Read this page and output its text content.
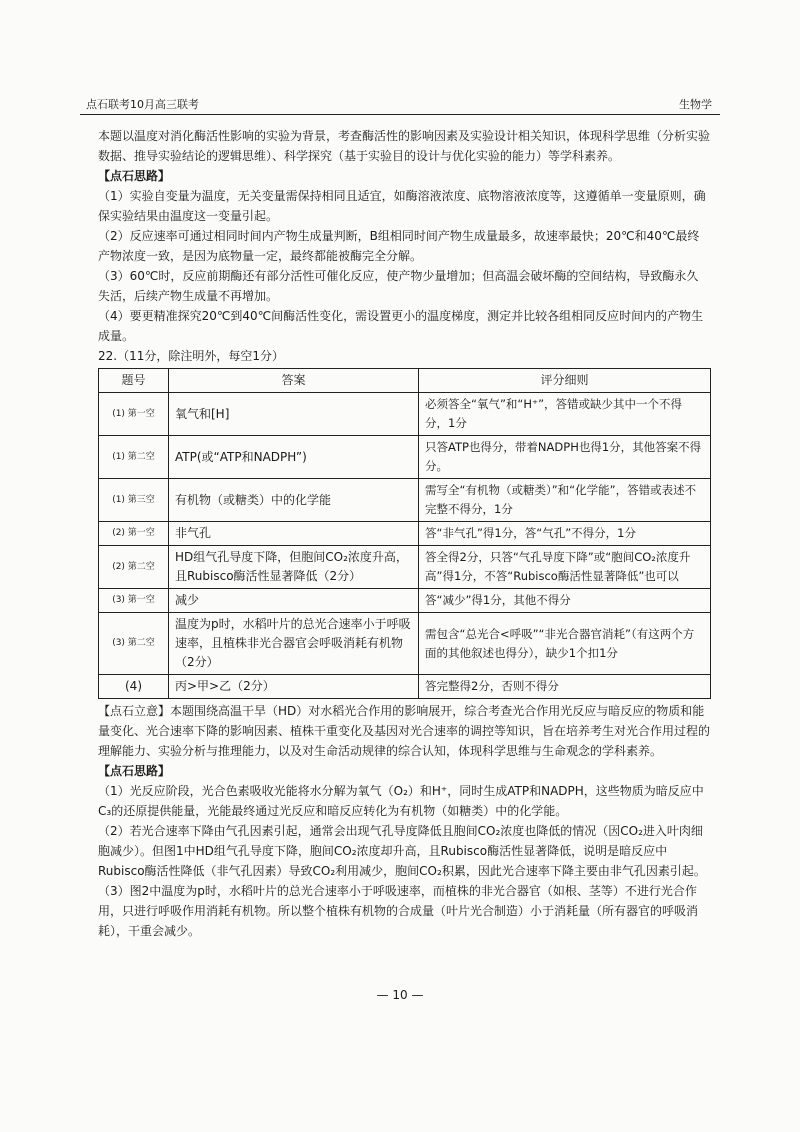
点石联考10月高三联考	生物学

本题以温度对消化酶活性影响的实验为背景，考查酶活性的影响因素及实验设计相关知识，体现科学思维（分析实验数据、推导实验结论的逻辑思维）、科学探究（基于实验目的设计与优化实验的能力）等学科素养。

【点石思路】

（1）实验自变量为温度，无关变量需保持相同且适宜，如酶溶液浓度、底物溶液浓度等，这遵循单一变量原则，确保实验结果由温度这一变量引起。

（2）反应速率可通过相同时间内产物生成量判断，B组相同时间产物生成量最多，故速率最快；20℃和40℃最终产物浓度一致，是因为底物量一定，最终都能被酶完全分解。

（3）60℃时，反应前期酶还有部分活性可催化反应，使产物少量增加；但高温会破坏酶的空间结构，导致酶永久失活，后续产物生成量不再增加。

（4）要更精准探究20℃到40℃间酶活性变化，需设置更小的温度梯度，测定并比较各组相同反应时间内的产物生成量。

22.（11分，除注明外，每空1分）

题号	答案	评分细则
(1) 第一空	氧气和[H]	必须答全“氧气”和“H⁺”，答错或缺少其中一个不得分，1分
(1) 第二空	ATP(或“ATP和NADPH”)	只答ATP也得分，带着NADPH也得1分，其他答案不得分。
(1) 第三空	有机物（或糖类）中的化学能	需写全“有机物（或糖类）”和“化学能”，答错或表述不完整不得分，1分
(2) 第一空	非气孔	答“非气孔”得1分，答“气孔”不得分，1分
(2) 第二空	HD组气孔导度下降，但胞间CO₂浓度升高，且Rubisco酶活性显著降低（2分）	答全得2分，只答“气孔导度下降”或“胞间CO₂浓度升高”得1分，不答“Rubisco酶活性显著降低”也可以
(3) 第一空	减少	答“减少”得1分，其他不得分
(3) 第二空	温度为p时，水稻叶片的总光合速率小于呼吸速率，且植株非光合器官会呼吸消耗有机物（2分）	需包含“总光合<呼吸”“非光合器官消耗”（有这两个方面的其他叙述也得分），缺少1个扣1分
(4)	丙>甲>乙（2分）	答完整得2分，否则不得分

【点石立意】本题围绕高温干旱（HD）对水稻光合作用的影响展开，综合考查光合作用光反应与暗反应的物质和能量变化、光合速率下降的影响因素、植株干重变化及基因对光合速率的调控等知识，旨在培养考生对光合作用过程的理解能力、实验分析与推理能力，以及对生命活动规律的综合认知，体现科学思维与生命观念的学科素养。

【点石思路】

（1）光反应阶段，光合色素吸收光能将水分解为氧气（O₂）和H⁺，同时生成ATP和NADPH，这些物质为暗反应中C₃的还原提供能量，光能最终通过光反应和暗反应转化为有机物（如糖类）中的化学能。

（2）若光合速率下降由气孔因素引起，通常会出现气孔导度降低且胞间CO₂浓度也降低的情况（因CO₂进入叶肉细胞减少）。但图1中HD组气孔导度下降，胞间CO₂浓度却升高，且Rubisco酶活性显著降低，说明是暗反应中Rubisco酶活性降低（非气孔因素）导致CO₂利用减少，胞间CO₂积累，因此光合速率下降主要由非气孔因素引起。

（3）图2中温度为p时，水稻叶片的总光合速率小于呼吸速率，而植株的非光合器官（如根、茎等）不进行光合作用，只进行呼吸作用消耗有机物。所以整个植株有机物的合成量（叶片光合制造）小于消耗量（所有器官的呼吸消耗），干重会减少。

— 10 —
